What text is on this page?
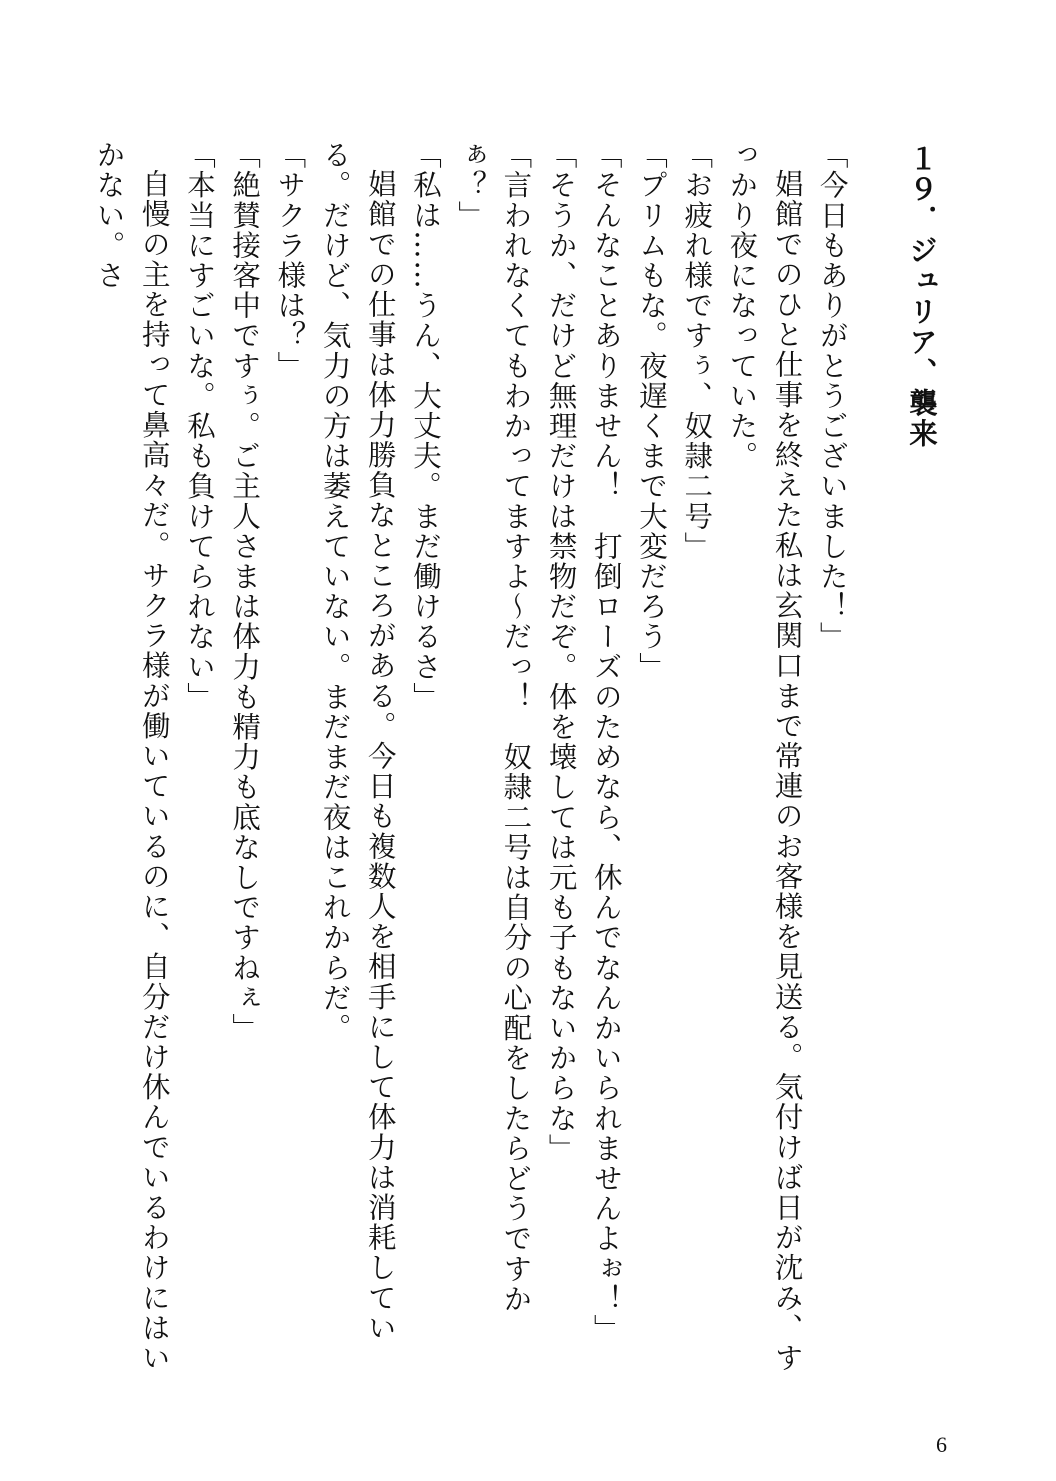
１９．ジュリア、襲来

「今日もありがとうございました！」

娼館でのひと仕事を終えた私は玄関口まで常連のお客様を見送る。気付けば日が沈み、すっかり夜になっていた。

「お疲れ様ですぅ、奴隷二号」

「プリムもな。夜遅くまで大変だろう」

「そんなことありません！　打倒ローズのためなら、休んでなんかいられませんよぉ！」

「そうか、だけど無理だけは禁物だぞ。体を壊しては元も子もないからな」

「言われなくてもわかってますよ～だっ！　奴隷二号は自分の心配をしたらどうですかぁ？」

「私は……うん、大丈夫。まだ働けるさ」

娼館での仕事は体力勝負なところがある。今日も複数人を相手にして体力は消耗している。だけど、気力の方は萎えていない。まだまだ夜はこれからだ。

「サクラ様は？」

「絶賛接客中ですぅ。ご主人さまは体力も精力も底なしですねぇ」

「本当にすごいな。私も負けてられない」

自慢の主を持って鼻高々だ。サクラ様が働いているのに、自分だけ休んでいるわけにはいかない。さ

6
